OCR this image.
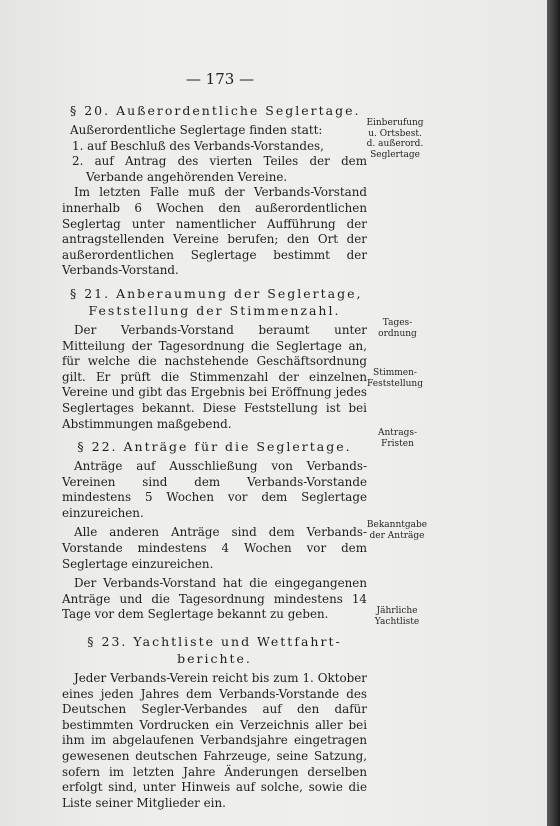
— 173 —
§ 20. Außerordentliche Seglertage.

Außerordentliche Seglertage finden statt:

1. auf Beschluß des Verbands-Vorstandes,
2. auf Antrag des vierten Teiles der dem Verbande angehörenden Vereine.

Im letzten Falle muß der Verbands-Vorstand innerhalb 6 Wochen den außerordentlichen Seglertag unter namentlicher Aufführung der antragstellenden Vereine berufen; den Ort der außerordentlichen Seglertage bestimmt der Verbands-Vorstand.

§ 21. Anberaumung der Seglertage,
Feststellung der Stimmenzahl.

Der Verbands-Vorstand beraumt unter Mitteilung der Tagesordnung die Seglertage an, für welche die nachstehende Geschäftsordnung gilt. Er prüft die Stimmenzahl der einzelnen Vereine und gibt das Ergebnis bei Eröffnung jedes Seglertages bekannt. Diese Feststellung ist bei Abstimmungen maßgebend.

§ 22. Anträge für die Seglertage.

Anträge auf Ausschließung von Verbands-Vereinen sind dem Verbands-Vorstande mindestens 5 Wochen vor dem Seglertage einzureichen.

Alle anderen Anträge sind dem Verbands-Vorstande mindestens 4 Wochen vor dem Seglertage einzureichen.

Der Verbands-Vorstand hat die eingegangenen Anträge und die Tagesordnung mindestens 14 Tage vor dem Seglertage bekannt zu geben.

§ 23. Yachtliste und Wettfahrt-
berichte.

Jeder Verbands-Verein reicht bis zum 1. Oktober eines jeden Jahres dem Verbands-Vorstande des Deutschen Segler-Verbandes auf den dafür bestimmten Vordrucken ein Verzeichnis aller bei ihm im abgelaufenen Verbandsjahre eingetragen gewesenen deutschen Fahrzeuge, seine Satzung, sofern im letzten Jahre Änderungen derselben erfolgt sind, unter Hinweis auf solche, sowie die Liste seiner Mitglieder ein.

Einberufung
u. Ortsbest.
d. außerord.
Seglertage
Tages-
ordnung
Stimmen-
Feststellung
Antrags-
Fristen
Bekanntgabe
der Anträge
Jährliche
Yachtliste
